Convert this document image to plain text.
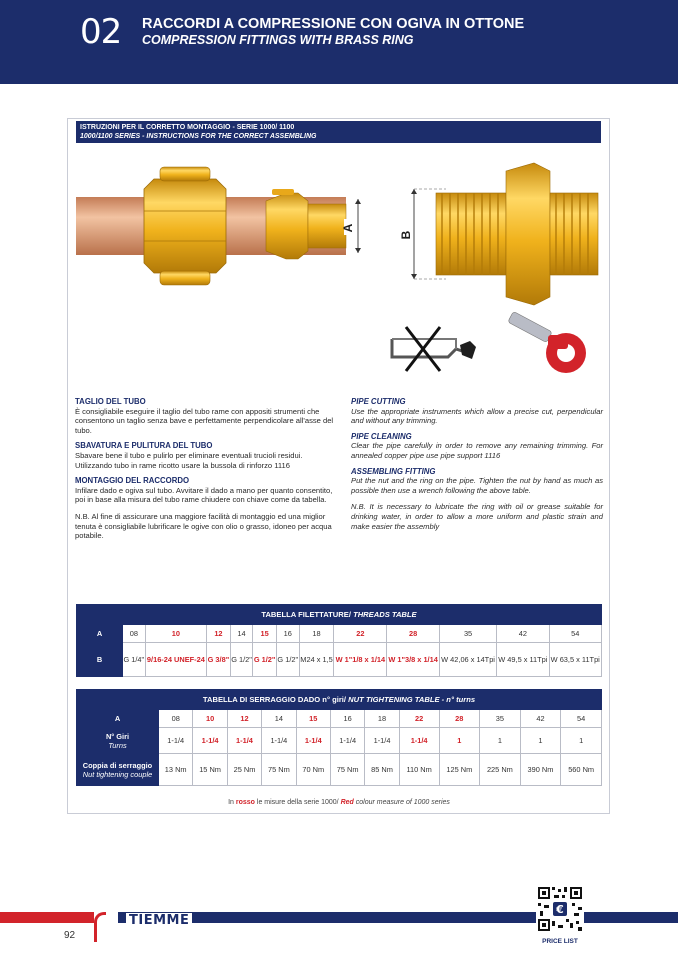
02 RACCORDI A COMPRESSIONE CON OGIVA IN OTTONE
COMPRESSION FITTINGS WITH BRASS RING
ISTRUZIONI PER IL CORRETTO MONTAGGIO - SERIE 1000/ 1100
1000/1100 SERIES - INSTRUCTIONS FOR THE CORRECT ASSEMBLING
A
B
TAGLIO DEL TUBO

È consigliabile eseguire il taglio del tubo rame con appositi strumenti che consentono un taglio senza bave e perfettamente perpendicolare all'asse del tubo.

SBAVATURA E PULITURA DEL TUBO

Sbavare bene il tubo e pulirlo per eliminare eventuali trucioli residui. Utilizzando tubo in rame ricotto usare la bussola di rinforzo 1116

MONTAGGIO DEL RACCORDO

Infilare dado e ogiva sul tubo. Avvitare il dado a mano per quanto consentito, poi in base alla misura del tubo rame chiudere con chiave come da tabella.

N.B. Al fine di assicurare una maggiore facilità di montaggio ed una miglior tenuta è consigliabile lubrificare le ogive con olio o grasso, idoneo per acqua potabile.

PIPE CUTTING

Use the appropriate instruments which allow a precise cut, perpendicular and without any trimming.

PIPE CLEANING

Clear the pipe carefully in order to remove any remaining trimming. For annealed copper pipe use pipe support 1116

ASSEMBLING FITTING

Put the nut and the ring on the pipe. Tighten the nut by hand as much as possible then use a wrench following the above table.

N.B. It is necessary to lubricate the ring with oil or grease suitable for drinking water, in order to allow a more uniform and plastic strain and make easier the assembly

TABELLA FILETTATURE/ THREADS TABLE												
A	08	10	12	14	15	16	18	22	28	35	42	54
B	G 1/4"	9/16-24 UNEF-24	G 3/8"	G 1/2"	G 1/2"	G 1/2"	M24 x 1,5	W 1"1/8 x 1/14	W 1"3/8 x 1/14	W 42,06 x 14Tpi	W 49,5 x 11Tpi	W 63,5 x 11Tpi
TABELLA DI SERRAGGIO DADO n° giri/ NUT TIGHTENING TABLE - n° turns												
A	08	10	12	14	15	16	18	22	28	35	42	54

N° Giri
Turns	1-1/4	1-1/4	1-1/4	1-1/4	1-1/4	1-1/4	1-1/4	1-1/4	1	1	1	1

Coppia di serraggio
Nut tightening couple	13 Nm	15 Nm	25 Nm	75 Nm	70 Nm	75 Nm	85 Nm	110 Nm	125 Nm	225 Nm	390 Nm	560 Nm
In rosso le misure della serie 1000/ Red colour measure of 1000 series
TIEMME
92
€
PRICE LIST
